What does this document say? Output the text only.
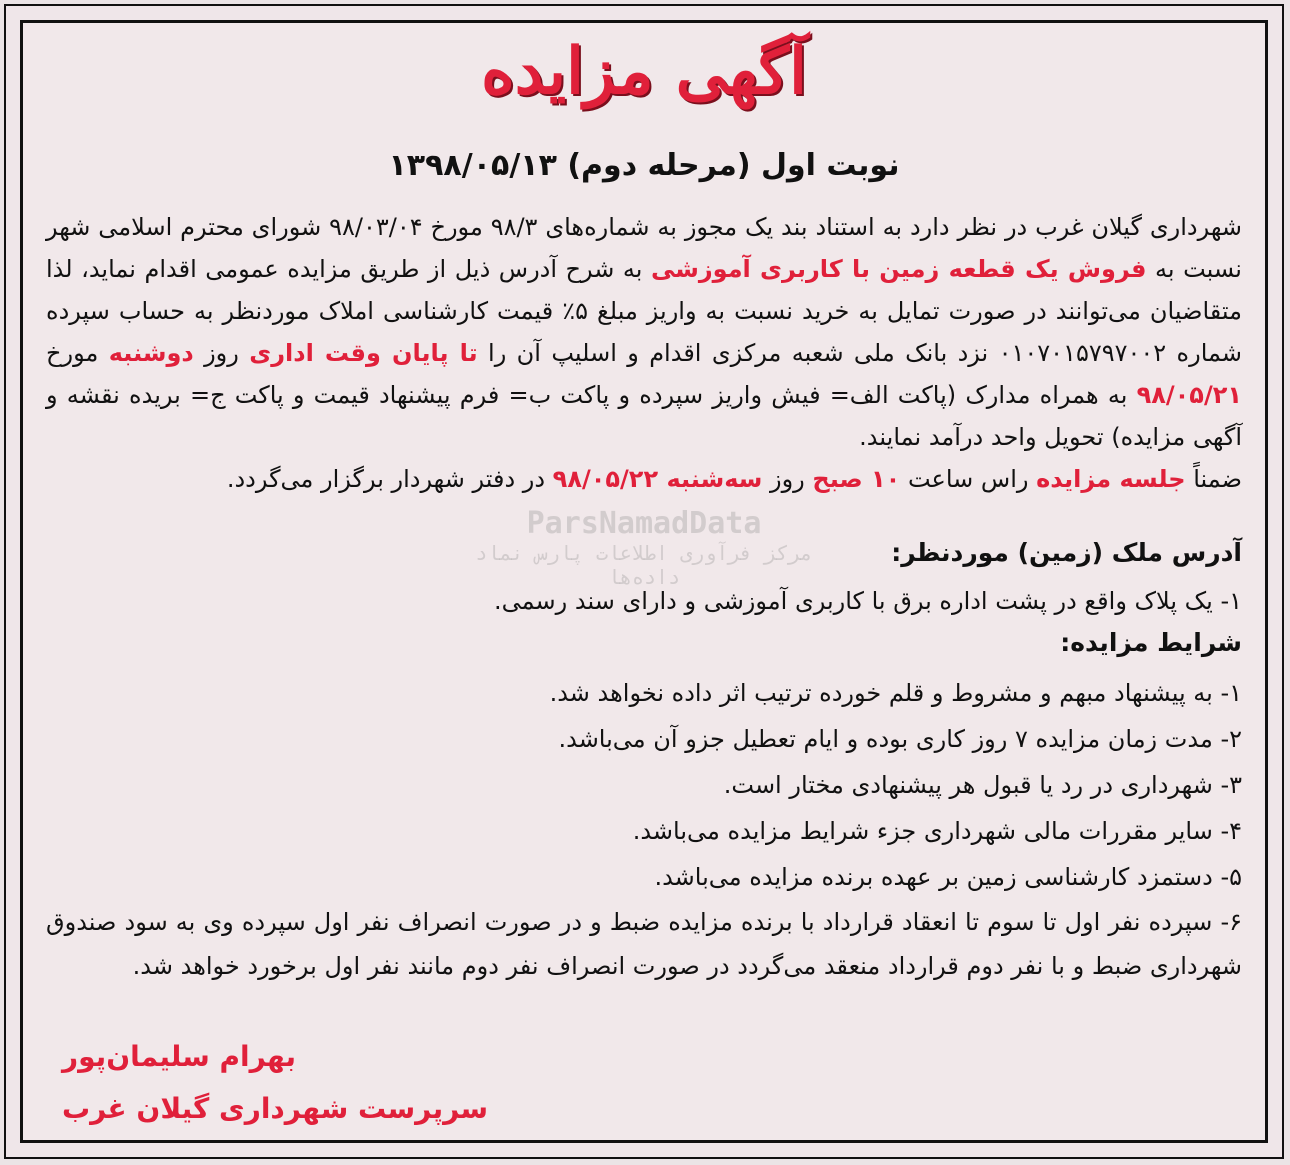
ParsNamadData
مرکز فرآوری اطلاعات پارس نماد داده‌ها
آگهی مزایده
نوبت اول (مرحله دوم) ۱۳۹۸/۰۵/۱۳

شهرداری گیلان غرب در نظر دارد به استناد بند یک مجوز به شماره‌های ۹۸/۳ مورخ ۹۸/۰۳/۰۴ شورای محترم اسلامی شهر نسبت به فروش یک قطعه زمین با کاربری آموزشی به شرح آدرس ذیل از طریق مزایده عمومی اقدام نماید، لذا متقاضیان می‌توانند در صورت تمایل به خرید نسبت به واریز مبلغ ۵٪ قیمت کارشناسی املاک موردنظر به حساب سپرده شماره ۰۱۰۷۰۱۵۷۹۷۰۰۲ نزد بانک ملی شعبه مرکزی اقدام و اسلیپ آن را تا پایان وقت اداری روز دوشنبه مورخ ۹۸/۰۵/۲۱ به همراه مدارک (پاکت الف= فیش واریز سپرده و پاکت ب= فرم پیشنهاد قیمت و پاکت ج= بریده نقشه و آگهی مزایده) تحویل واحد درآمد نمایند.

ضمناً جلسه مزایده راس ساعت ۱۰ صبح روز سه‌شنبه ۹۸/۰۵/۲۲ در دفتر شهردار برگزار می‌گردد.

آدرس ملک (زمین) موردنظر:
۱- یک پلاک واقع در پشت اداره برق با کاربری آموزشی و دارای سند رسمی.
شرایط مزایده:
۱- به پیشنهاد مبهم و مشروط و قلم خورده ترتیب اثر داده نخواهد شد.
۲- مدت زمان مزایده ۷ روز کاری بوده و ایام تعطیل جزو آن می‌باشد.
۳- شهرداری در رد یا قبول هر پیشنهادی مختار است.
۴- سایر مقررات مالی شهرداری جزء شرایط مزایده می‌باشد.
۵- دستمزد کارشناسی زمین بر عهده برنده مزایده می‌باشد.
۶- سپرده نفر اول تا سوم تا انعقاد قرارداد با برنده مزایده ضبط و در صورت انصراف نفر اول سپرده وی به سود صندوق شهرداری ضبط و با نفر دوم قرارداد منعقد می‌گردد در صورت انصراف نفر دوم مانند نفر اول برخورد خواهد شد.
بهرام سلیمان‌پور
سرپرست شهرداری گیلان غرب
